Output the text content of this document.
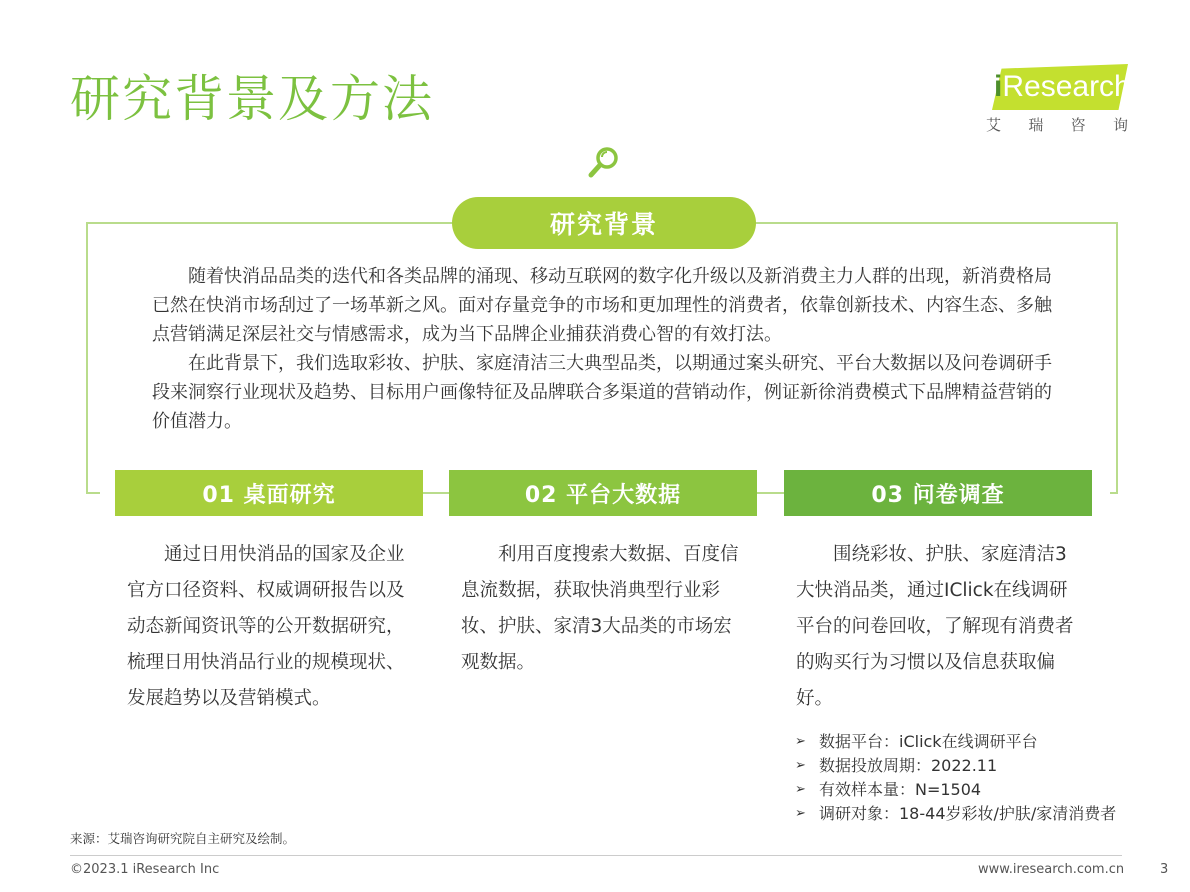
研究背景及方法	iResearch
艾 瑞 咨 询
研究背景

随着快消品品类的迭代和各类品牌的涌现、移动互联网的数字化升级以及新消费主力人群的出现，新消费格局已然在快消市场刮过了一场革新之风。面对存量竞争的市场和更加理性的消费者，依靠创新技术、内容生态、多触点营销满足深层社交与情感需求，成为当下品牌企业捕获消费心智的有效打法。

在此背景下，我们选取彩妆、护肤、家庭清洁三大典型品类，以期通过案头研究、平台大数据以及问卷调研手段来洞察行业现状及趋势、目标用户画像特征及品牌联合多渠道的营销动作，例证新徐消费模式下品牌精益营销的价值潜力。

01 桌面研究	02 平台大数据	03 问卷调查

通过日用快消品的国家及企业官方口径资料、权威调研报告以及动态新闻资讯等的公开数据研究，梳理日用快消品行业的规模现状、发展趋势以及营销模式。

利用百度搜索大数据、百度信息流数据，获取快消典型行业彩妆、护肤、家清3大品类的市场宏观数据。

围绕彩妆、护肤、家庭清洁3大快消品类，通过IClick在线调研平台的问卷回收，了解现有消费者的购买行为习惯以及信息获取偏好。

➢ 数据平台：iClick在线调研平台
➢ 数据投放周期：2022.11
➢ 有效样本量：N=1504
➢ 调研对象：18-44岁彩妆/护肤/家清消费者
来源：艾瑞咨询研究院自主研究及绘制。
©2023.1 iResearch Inc	www.iresearch.com.cn	3
